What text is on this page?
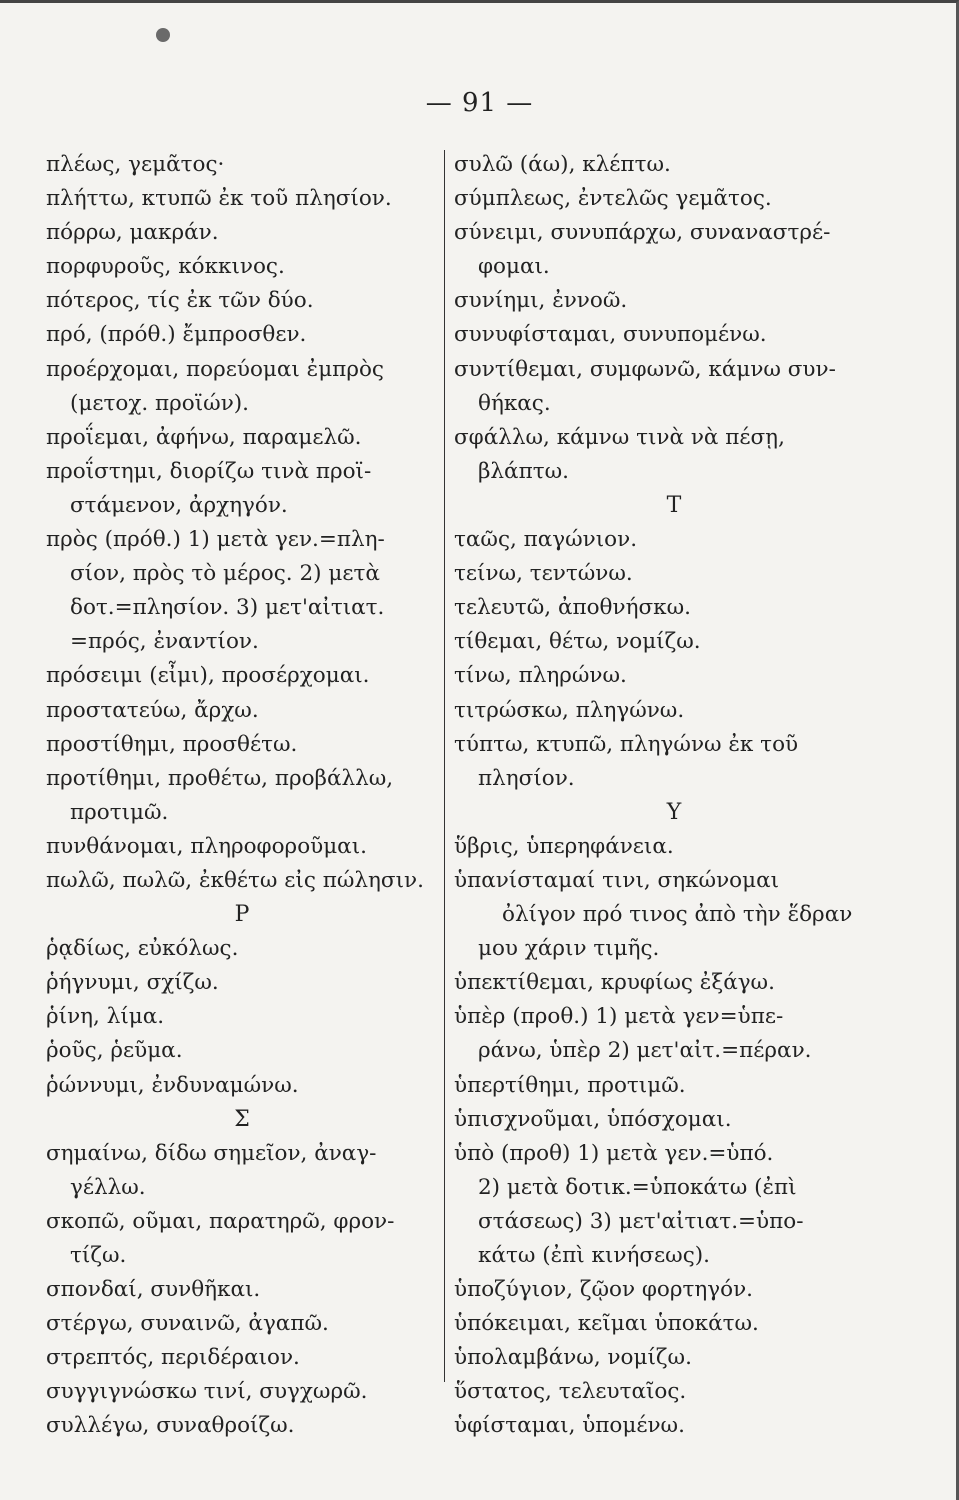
— 91 —
πλέως, γεμᾶτος·
πλήττω, κτυπῶ ἐκ τοῦ πλησίον.
πόρρω, μακράν.
πορφυροῦς, κόκκινος.
πότερος, τίς ἐκ τῶν δύο.
πρό, (πρόθ.) ἔμπροσθεν.
προέρχομαι, πορεύομαι ἐμπρὸς
(μετοχ. προϊών).
προΐεμαι, ἀφήνω, παραμελῶ.
προΐστημι, διορίζω τινὰ προϊ-
στάμενον, ἀρχηγόν.
πρὸς (πρόθ.) 1) μετὰ γεν.=πλη-
σίον, πρὸς τὸ μέρος. 2) μετὰ
δοτ.=πλησίον. 3) μετ'αἰτιατ.
=πρός, ἐναντίον.
πρόσειμι (εἶμι), προσέρχομαι.
προστατεύω, ἄρχω.
προστίθημι, προσθέτω.
προτίθημι, προθέτω, προβάλλω,
προτιμῶ.
πυνθάνομαι, πληροφοροῦμαι.
πωλῶ, πωλῶ, ἐκθέτω εἰς πώλησιν.
Ρ
ῥᾳδίως, εὐκόλως.
ῥήγνυμι, σχίζω.
ῥίνη, λίμα.
ῥοῦς, ῥεῦμα.
ῥώννυμι, ἐνδυναμώνω.
Σ
σημαίνω, δίδω σημεῖον, ἀναγ-
γέλλω.
σκοπῶ, οῦμαι, παρατηρῶ, φρον-
τίζω.
σπονδαί, συνθῆκαι.
στέργω, συναινῶ, ἀγαπῶ.
στρεπτός, περιδέραιον.
συγγιγνώσκω τινί, συγχωρῶ.
συλλέγω, συναθροίζω.
συλῶ (άω), κλέπτω.
σύμπλεως, ἐντελῶς γεμᾶτος.
σύνειμι, συνυπάρχω, συναναστρέ-
φομαι.
συνίημι, ἐννοῶ.
συνυφίσταμαι, συνυπομένω.
συντίθεμαι, συμφωνῶ, κάμνω συν-
θήκας.
σφάλλω, κάμνω τινὰ νὰ πέσῃ,
βλάπτω.
Τ
ταῶς, παγώνιον.
τείνω, τεντώνω.
τελευτῶ, ἀποθνήσκω.
τίθεμαι, θέτω, νομίζω.
τίνω, πληρώνω.
τιτρώσκω, πληγώνω.
τύπτω, κτυπῶ, πληγώνω ἐκ τοῦ
πλησίον.
Υ
ὕβρις, ὑπερηφάνεια.
ὑπανίσταμαί τινι, σηκώνομαι
ὀλίγον πρό τινος ἀπὸ τὴν ἕδραν
μου χάριν τιμῆς.
ὑπεκτίθεμαι, κρυφίως ἐξάγω.
ὑπὲρ (προθ.) 1) μετὰ γεν=ὑπε-
ράνω, ὑπὲρ 2) μετ'αἰτ.=πέραν.
ὑπερτίθημι, προτιμῶ.
ὑπισχνοῦμαι, ὑπόσχομαι.
ὑπὸ (προθ) 1) μετὰ γεν.=ὑπό.
2) μετὰ δοτικ.=ὑποκάτω (ἐπὶ
στάσεως) 3) μετ'αἰτιατ.=ὑπο-
κάτω (ἐπὶ κινήσεως).
ὑποζύγιον, ζῷον φορτηγόν.
ὑπόκειμαι, κεῖμαι ὑποκάτω.
ὑπολαμβάνω, νομίζω.
ὕστατος, τελευταῖος.
ὑφίσταμαι, ὑπομένω.
